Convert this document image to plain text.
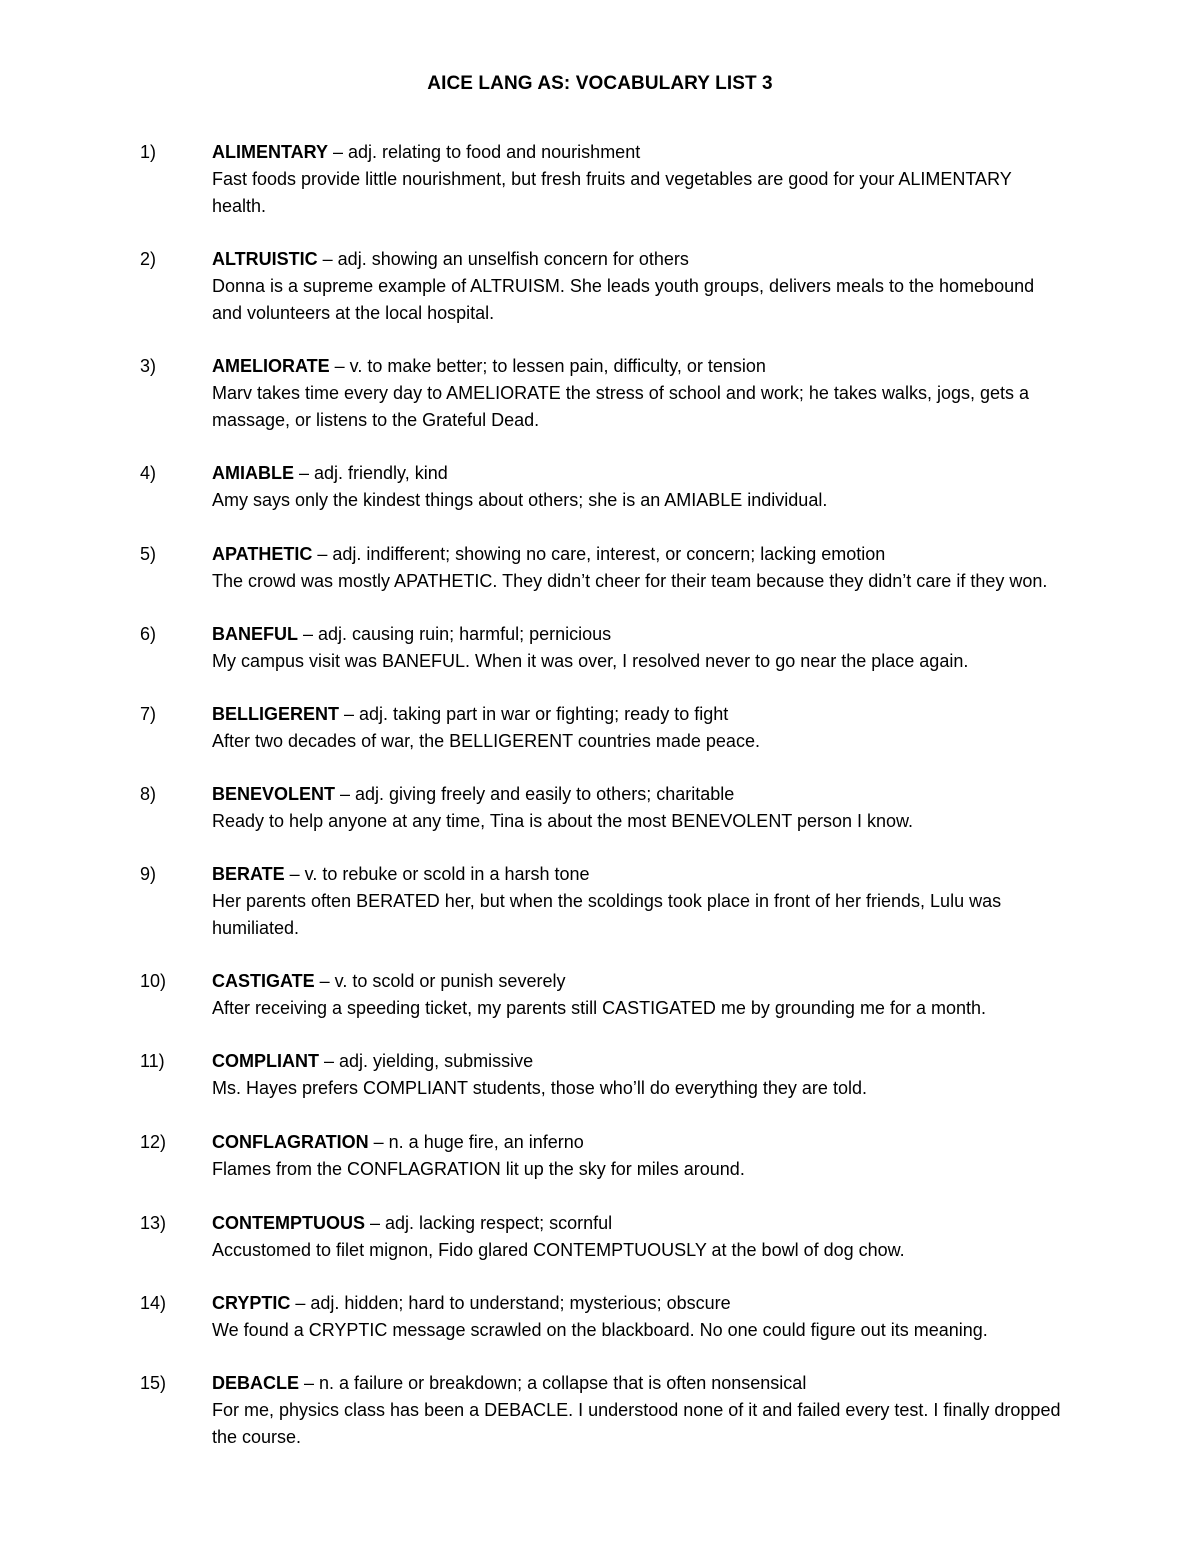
AICE LANG AS: VOCABULARY LIST 3
1)	ALIMENTARY – adj. relating to food and nourishment
Fast foods provide little nourishment, but fresh fruits and vegetables are good for your ALIMENTARY health.
2)	ALTRUISTIC – adj. showing an unselfish concern for others
Donna is a supreme example of ALTRUISM. She leads youth groups, delivers meals to the homebound and volunteers at the local hospital.
3)	AMELIORATE – v. to make better; to lessen pain, difficulty, or tension
Marv takes time every day to AMELIORATE the stress of school and work; he takes walks, jogs, gets a massage, or listens to the Grateful Dead.
4)	AMIABLE – adj. friendly, kind
Amy says only the kindest things about others; she is an AMIABLE individual.
5)	APATHETIC – adj. indifferent; showing no care, interest, or concern; lacking emotion
The crowd was mostly APATHETIC. They didn’t cheer for their team because they didn’t care if they won.
6)	BANEFUL – adj. causing ruin; harmful; pernicious
My campus visit was BANEFUL. When it was over, I resolved never to go near the place again.
7)	BELLIGERENT – adj. taking part in war or fighting; ready to fight
After two decades of war, the BELLIGERENT countries made peace.
8)	BENEVOLENT – adj. giving freely and easily to others; charitable
Ready to help anyone at any time, Tina is about the most BENEVOLENT person I know.
9)	BERATE – v. to rebuke or scold in a harsh tone
Her parents often BERATED her, but when the scoldings took place in front of her friends, Lulu was humiliated.
10)	CASTIGATE – v. to scold or punish severely
After receiving a speeding ticket, my parents still CASTIGATED me by grounding me for a month.
11)	COMPLIANT – adj. yielding, submissive
Ms. Hayes prefers COMPLIANT students, those who’ll do everything they are told.
12)	CONFLAGRATION – n. a huge fire, an inferno
Flames from the CONFLAGRATION lit up the sky for miles around.
13)	CONTEMPTUOUS – adj. lacking respect; scornful
Accustomed to filet mignon, Fido glared CONTEMPTUOUSLY at the bowl of dog chow.
14)	CRYPTIC – adj. hidden; hard to understand; mysterious; obscure
We found a CRYPTIC message scrawled on the blackboard. No one could figure out its meaning.
15)	DEBACLE – n. a failure or breakdown; a collapse that is often nonsensical
For me, physics class has been a DEBACLE. I understood none of it and failed every test. I finally dropped the course.
